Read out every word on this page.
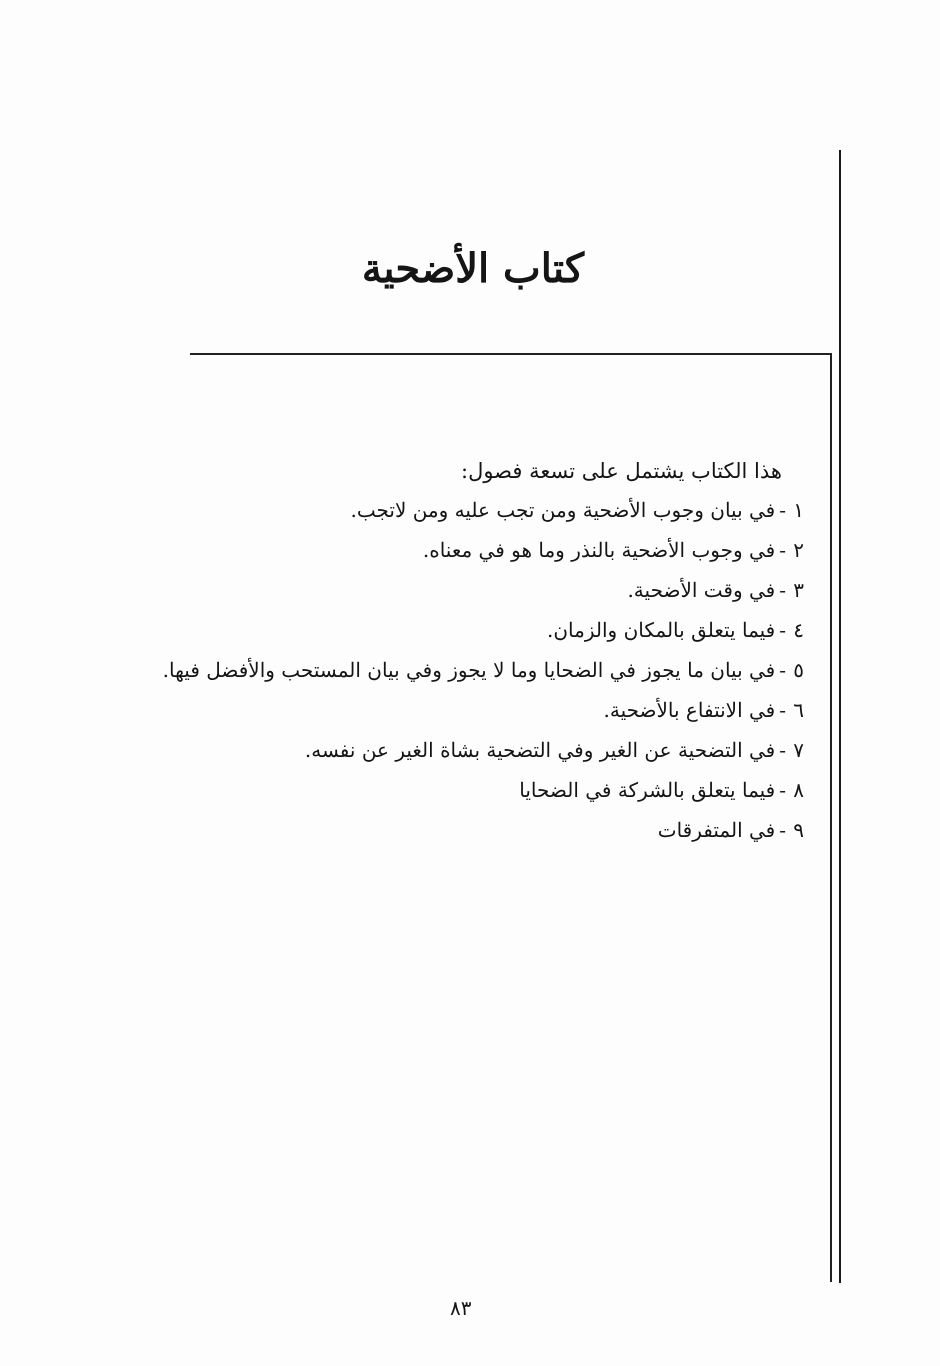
كتاب الأضحية
هذا الكتاب يشتمل على تسعة فصول:
١-في بيان وجوب الأضحية ومن تجب عليه ومن لاتجب.
٢-في وجوب الأضحية بالنذر وما هو في معناه.
٣-في وقت الأضحية.
٤-فيما يتعلق بالمكان والزمان.
٥-في بيان ما يجوز في الضحايا وما لا يجوز وفي بيان المستحب والأفضل فيها.
٦-في الانتفاع بالأضحية.
٧-في التضحية عن الغير وفي التضحية بشاة الغير عن نفسه.
٨-فيما يتعلق بالشركة في الضحايا
٩-في المتفرقات
٨٣
